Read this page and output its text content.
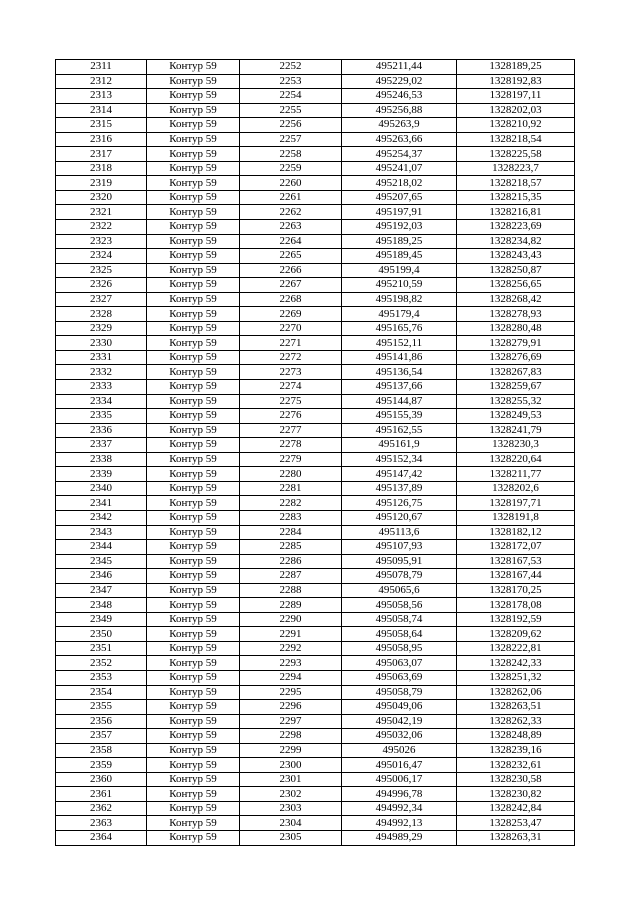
2311	Контур 59	2252	495211,44	1328189,25
2312	Контур 59	2253	495229,02	1328192,83
2313	Контур 59	2254	495246,53	1328197,11
2314	Контур 59	2255	495256,88	1328202,03
2315	Контур 59	2256	495263,9	1328210,92
2316	Контур 59	2257	495263,66	1328218,54
2317	Контур 59	2258	495254,37	1328225,58
2318	Контур 59	2259	495241,07	1328223,7
2319	Контур 59	2260	495218,02	1328218,57
2320	Контур 59	2261	495207,65	1328215,35
2321	Контур 59	2262	495197,91	1328216,81
2322	Контур 59	2263	495192,03	1328223,69
2323	Контур 59	2264	495189,25	1328234,82
2324	Контур 59	2265	495189,45	1328243,43
2325	Контур 59	2266	495199,4	1328250,87
2326	Контур 59	2267	495210,59	1328256,65
2327	Контур 59	2268	495198,82	1328268,42
2328	Контур 59	2269	495179,4	1328278,93
2329	Контур 59	2270	495165,76	1328280,48
2330	Контур 59	2271	495152,11	1328279,91
2331	Контур 59	2272	495141,86	1328276,69
2332	Контур 59	2273	495136,54	1328267,83
2333	Контур 59	2274	495137,66	1328259,67
2334	Контур 59	2275	495144,87	1328255,32
2335	Контур 59	2276	495155,39	1328249,53
2336	Контур 59	2277	495162,55	1328241,79
2337	Контур 59	2278	495161,9	1328230,3
2338	Контур 59	2279	495152,34	1328220,64
2339	Контур 59	2280	495147,42	1328211,77
2340	Контур 59	2281	495137,89	1328202,6
2341	Контур 59	2282	495126,75	1328197,71
2342	Контур 59	2283	495120,67	1328191,8
2343	Контур 59	2284	495113,6	1328182,12
2344	Контур 59	2285	495107,93	1328172,07
2345	Контур 59	2286	495095,91	1328167,53
2346	Контур 59	2287	495078,79	1328167,44
2347	Контур 59	2288	495065,6	1328170,25
2348	Контур 59	2289	495058,56	1328178,08
2349	Контур 59	2290	495058,74	1328192,59
2350	Контур 59	2291	495058,64	1328209,62
2351	Контур 59	2292	495058,95	1328222,81
2352	Контур 59	2293	495063,07	1328242,33
2353	Контур 59	2294	495063,69	1328251,32
2354	Контур 59	2295	495058,79	1328262,06
2355	Контур 59	2296	495049,06	1328263,51
2356	Контур 59	2297	495042,19	1328262,33
2357	Контур 59	2298	495032,06	1328248,89
2358	Контур 59	2299	495026	1328239,16
2359	Контур 59	2300	495016,47	1328232,61
2360	Контур 59	2301	495006,17	1328230,58
2361	Контур 59	2302	494996,78	1328230,82
2362	Контур 59	2303	494992,34	1328242,84
2363	Контур 59	2304	494992,13	1328253,47
2364	Контур 59	2305	494989,29	1328263,31
